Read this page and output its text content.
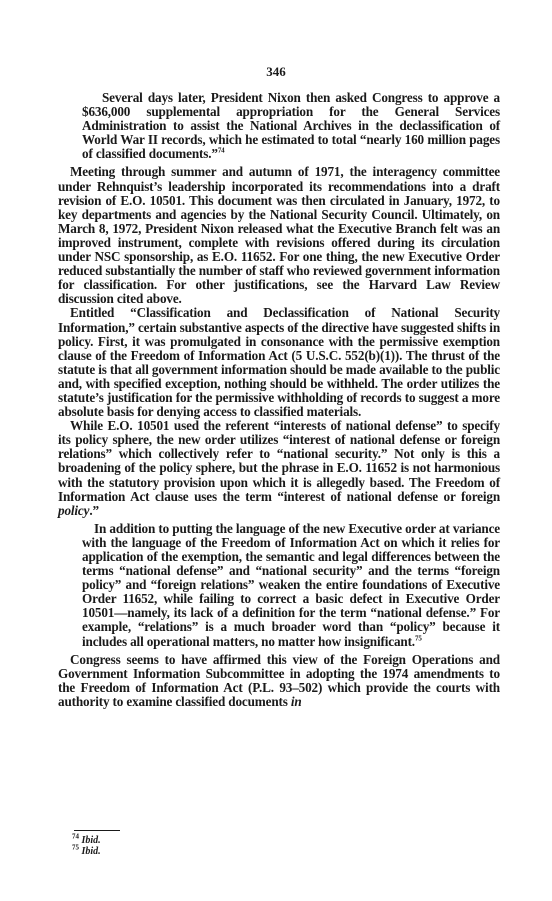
346

Several days later, President Nixon then asked Congress to approve a $636,000 supplemental appropriation for the General Services Administration to assist the National Archives in the declassification of World War II records, which he estimated to total “nearly 160 million pages of classified documents.”$^{74}$

Meeting through summer and autumn of 1971, the interagency committee under Rehnquist’s leadership incorporated its recommendations into a draft revision of E.O. 10501. This document was then circulated in January, 1972, to key departments and agencies by the National Security Council. Ultimately, on March 8, 1972, President Nixon released what the Executive Branch felt was an improved instrument, complete with revisions offered during its circulation under NSC sponsorship, as E.O. 11652. For one thing, the new Executive Order reduced substantially the number of staff who reviewed government information for classification. For other justifications, see the Harvard Law Review discussion cited above.

Entitled “Classification and Declassification of National Security Information,” certain substantive aspects of the directive have suggested shifts in policy. First, it was promulgated in consonance with the permissive exemption clause of the Freedom of Information Act (5 U.S.C. 552(b)(1)). The thrust of the statute is that all government information should be made available to the public and, with specified exception, nothing should be withheld. The order utilizes the statute’s justification for the permissive withholding of records to suggest a more absolute basis for denying access to classified materials.

While E.O. 10501 used the referent “interests of national defense” to specify its policy sphere, the new order utilizes “interest of national defense or foreign relations” which collectively refer to “national security.” Not only is this a broadening of the policy sphere, but the phrase in E.O. 11652 is not harmonious with the statutory provision upon which it is allegedly based. The Freedom of Information Act clause uses the term “interest of national defense or foreign policy.”

In addition to putting the language of the new Executive order at variance with the language of the Freedom of Information Act on which it relies for application of the exemption, the semantic and legal differences between the terms “national defense” and “national security” and the terms “foreign policy” and “foreign relations” weaken the entire foundations of Executive Order 11652, while failing to correct a basic defect in Executive Order 10501—namely, its lack of a definition for the term “national defense.” For example, “relations” is a much broader word than “policy” because it includes all operational matters, no matter how insignificant.$^{75}$

Congress seems to have affirmed this view of the Foreign Operations and Government Information Subcommittee in adopting the 1974 amendments to the Freedom of Information Act (P.L. 93–502) which provide the courts with authority to examine classified documents in

$^{74}$ Ibid.
$^{75}$ Ibid.
